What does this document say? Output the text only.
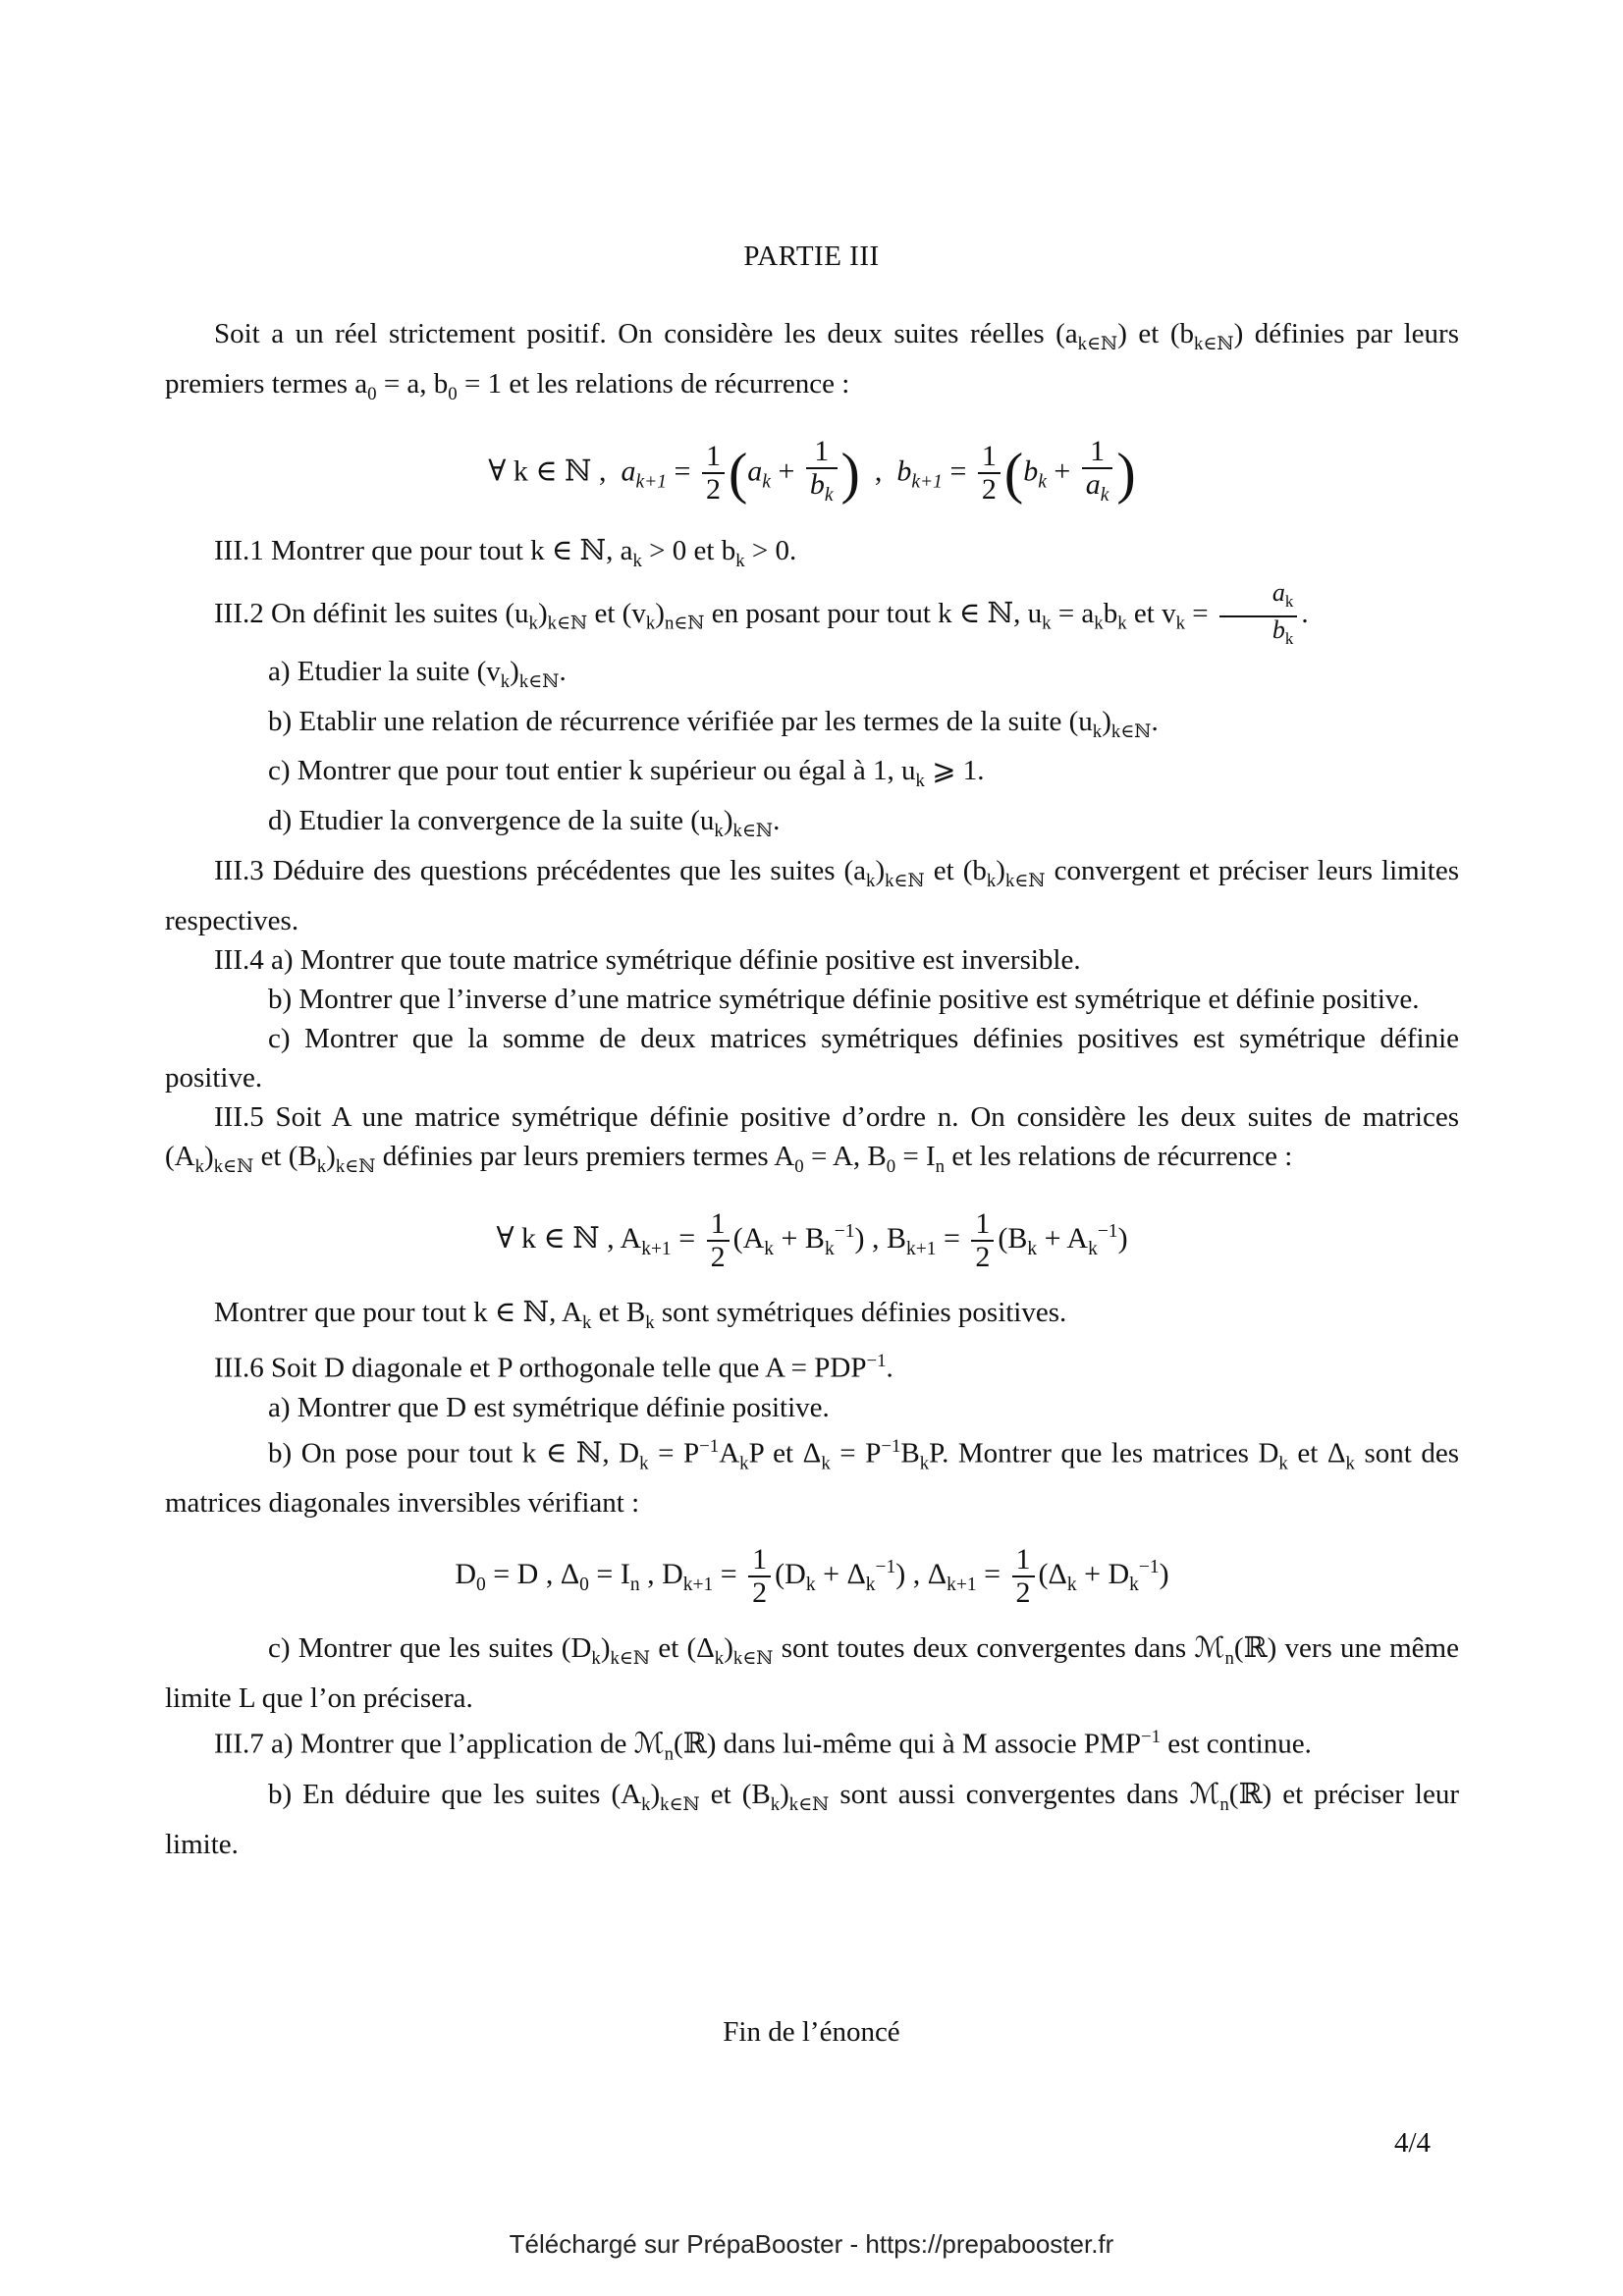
PARTIE III

Soit a un réel strictement positif. On considère les deux suites réelles $(a_{k\in ℕ})$ et $(b_{k\in ℕ})$ définies par leurs premiers termes $a_0 = a$, $b_0 = 1$ et les relations de récurrence :

∀ k ∈ ℕ , $a_{k+1} = \frac{1}{2} (a_k + \frac{1}{b_k}$ ) , $b_{k+1} = \frac{1}{2} (b_k + \frac{1}{a_k}$ )

III.1 Montrer que pour tout k ∈ ℕ, $a_k > 0$ et $b_k > 0$.

III.2 On définit les suites $(u_k)_{k\in ℕ}$ et $(v_k)_{n\in ℕ}$ en posant pour tout k ∈ ℕ, $u_k = a_kb_k$ et $v_k = \frac{a_k}{b_k}$ .

a) Etudier la suite $(v_k)_{k\in ℕ}$.

b) Etablir une relation de récurrence vérifiée par les termes de la suite $(u_k)_{k\in ℕ}$.

c) Montrer que pour tout entier k supérieur ou égal à 1, $u_k$ ⩾ 1.

d) Etudier la convergence de la suite $(u_k)_{k\in ℕ}$.

III.3 Déduire des questions précédentes que les suites $(a_k)_{k\in ℕ}$ et $(b_k)_{k\in ℕ}$ convergent et préciser leurs limites respectives.

III.4 a) Montrer que toute matrice symétrique définie positive est inversible.

b) Montrer que l’inverse d’une matrice symétrique définie positive est symétrique et définie positive.

c) Montrer que la somme de deux matrices symétriques définies positives est symétrique définie positive.

III.5 Soit A une matrice symétrique définie positive d’ordre n. On considère les deux suites de matrices $(A_k)_{k\in ℕ}$ et $(B_k)_{k\in ℕ}$ définies par leurs premiers termes $A_0 = A$, $B_0 = I_n$ et les relations de récurrence :

∀ k ∈ ℕ , $A_{k+1} = \frac{1}{2} (A_k + B_k^{-1})$ , $B_{k+1} = \frac{1}{2} (B_k + A_k^{-1})$

Montrer que pour tout k ∈ ℕ, $A_k$ et $B_k$ sont symétriques définies positives.

III.6 Soit D diagonale et P orthogonale telle que $A = PDP^{-1}$.

a) Montrer que D est symétrique définie positive.

b) On pose pour tout k ∈ ℕ, $D_k = P^{-1}A_kP$ et $\Delta_k = P^{-1}B_kP$. Montrer que les matrices $D_k$ et $\Delta_k$ sont des matrices diagonales inversibles vérifiant :

$D_0 = D$ , $\Delta_0 = I_n$ , $D_{k+1} = \frac{1}{2} (D_k + \Delta_k^{-1})$ , $\Delta_{k+1} = \frac{1}{2} (\Delta_k + D_k^{-1})$

c) Montrer que les suites $(D_k)_{k\in ℕ}$ et $(\Delta_k)_{k\in ℕ}$ sont toutes deux convergentes dans ℳ$_n$(ℝ) vers une même limite L que l’on précisera.

III.7 a) Montrer que l’application de ℳ$_n$(ℝ) dans lui-même qui à M associe $PMP^{-1}$ est continue.

b) En déduire que les suites $(A_k)_{k\in ℕ}$ et $(B_k)_{k\in ℕ}$ sont aussi convergentes dans ℳ$_n$(ℝ) et préciser leur limite.

Fin de l’énoncé
4/4
Téléchargé sur PrépaBooster - https://prepabooster.fr
